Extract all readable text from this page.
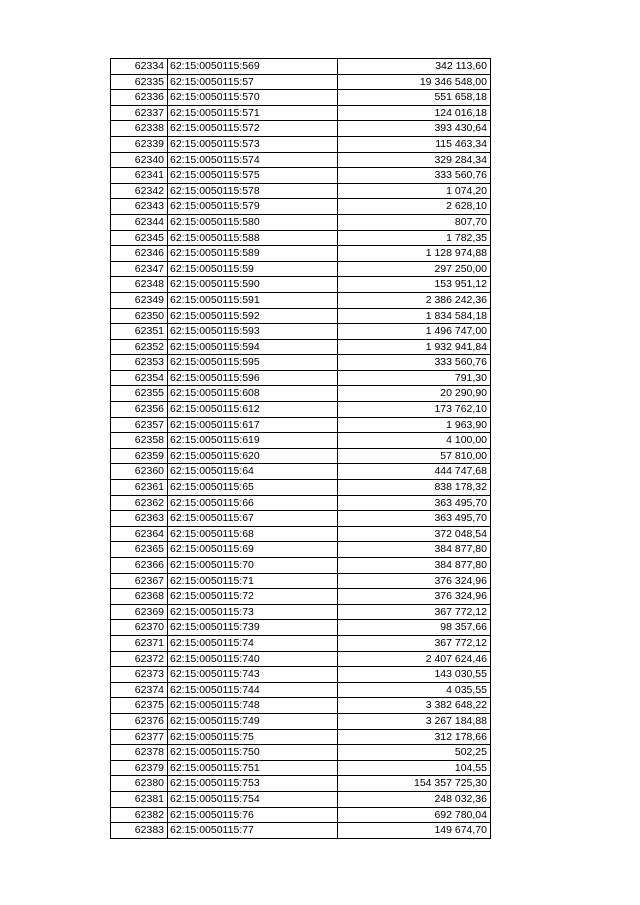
62334	62:15:0050115:569	342 113,60
62335	62:15:0050115:57	19 346 548,00
62336	62:15:0050115:570	551 658,18
62337	62:15:0050115:571	124 016,18
62338	62:15:0050115:572	393 430,64
62339	62:15:0050115:573	115 463,34
62340	62:15:0050115:574	329 284,34
62341	62:15:0050115:575	333 560,76
62342	62:15:0050115:578	1 074,20
62343	62:15:0050115:579	2 628,10
62344	62:15:0050115:580	807,70
62345	62:15:0050115:588	1 782,35
62346	62:15:0050115:589	1 128 974,88
62347	62:15:0050115:59	297 250,00
62348	62:15:0050115:590	153 951,12
62349	62:15:0050115:591	2 386 242,36
62350	62:15:0050115:592	1 834 584,18
62351	62:15:0050115:593	1 496 747,00
62352	62:15:0050115:594	1 932 941,84
62353	62:15:0050115:595	333 560,76
62354	62:15:0050115:596	791,30
62355	62:15:0050115:608	20 290,90
62356	62:15:0050115:612	173 762,10
62357	62:15:0050115:617	1 963,90
62358	62:15:0050115:619	4 100,00
62359	62:15:0050115:620	57 810,00
62360	62:15:0050115:64	444 747,68
62361	62:15:0050115:65	838 178,32
62362	62:15:0050115:66	363 495,70
62363	62:15:0050115:67	363 495,70
62364	62:15:0050115:68	372 048,54
62365	62:15:0050115:69	384 877,80
62366	62:15:0050115:70	384 877,80
62367	62:15:0050115:71	376 324,96
62368	62:15:0050115:72	376 324,96
62369	62:15:0050115:73	367 772,12
62370	62:15:0050115:739	98 357,66
62371	62:15:0050115:74	367 772,12
62372	62:15:0050115:740	2 407 624,46
62373	62:15:0050115:743	143 030,55
62374	62:15:0050115:744	4 035,55
62375	62:15:0050115:748	3 382 648,22
62376	62:15:0050115:749	3 267 184,88
62377	62:15:0050115:75	312 178,66
62378	62:15:0050115:750	502,25
62379	62:15:0050115:751	104,55
62380	62:15:0050115:753	154 357 725,30
62381	62:15:0050115:754	248 032,36
62382	62:15:0050115:76	692 780,04
62383	62:15:0050115:77	149 674,70
